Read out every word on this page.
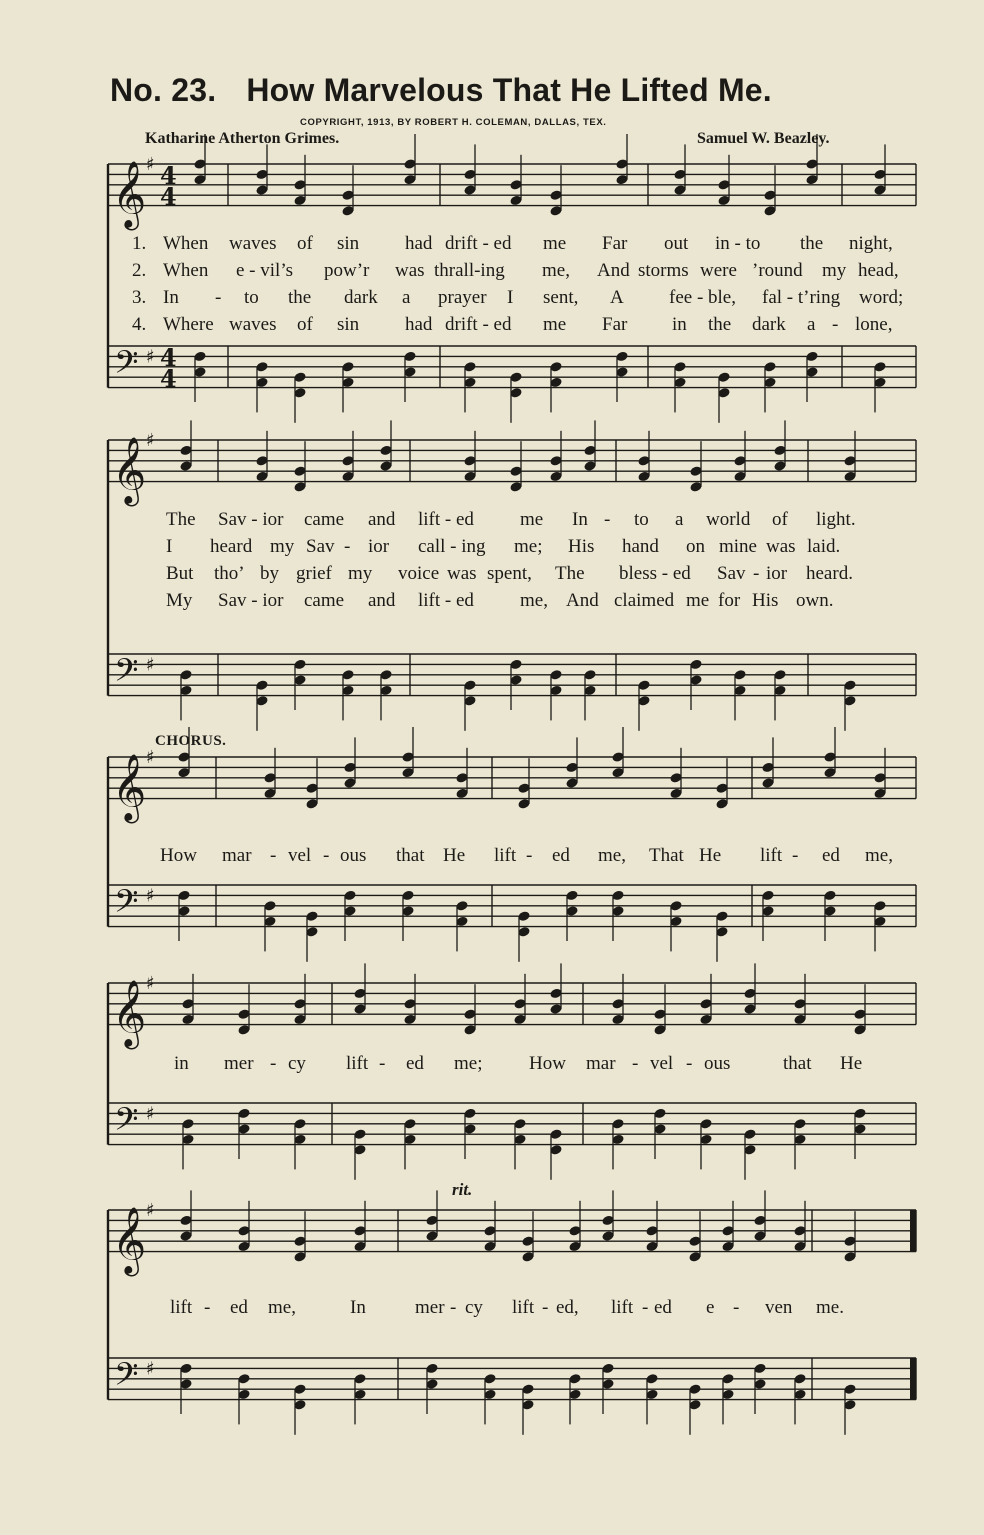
No. 23. How Marvelous That He Lifted Me.
COPYRIGHT, 1913, BY ROBERT H. COLEMAN, DALLAS, TEX.
Katharine Atherton Grimes.	Samuel W. Beazley.
𝄞
𝄢
♯
♯
4
4
4
4
𝄞
𝄢
♯
♯
𝄞
𝄢
♯
♯
𝄞
𝄢
♯
♯
𝄞
𝄢
♯
♯
1. When waves of sin had drift - ed me Far out in - to the night,
2. When e - vil’s pow’r was thrall-ing me, And storms were ’round my head,
3. In - to the dark a prayer I sent, A fee - ble, fal - t’ring word;
4. Where waves of sin had drift - ed me Far in the dark a - lone,
The Sav - ior came and lift - ed me In - to a world of light.
I heard my Sav - ior call - ing me; His hand on mine was laid.
But tho’ by grief my voice was spent, The bless - ed Sav - ior heard.
My Sav - ior came and lift - ed me, And claimed me for His own.
CHORUS.
How mar - vel - ous that He lift - ed me, That He lift - ed me,
in mer - cy lift - ed me; How mar - vel - ous	that He
rit.
lift - ed me,	In	mer - cy lift - ed, lift - ed e - ven me.
